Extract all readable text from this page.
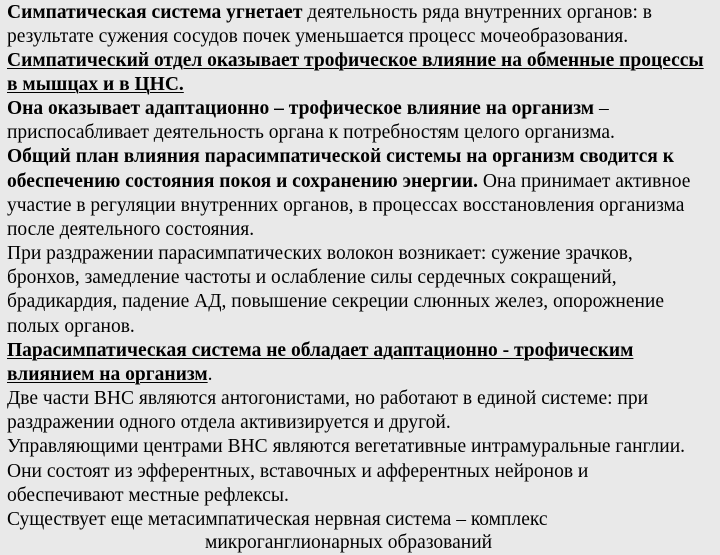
Симпатическая система угнетает деятельность ряда внутренних органов: в
результате сужения сосудов почек уменьшается процесс мочеобразования.
Симпатический отдел оказывает трофическое влияние на обменные процессы
в мышцах и в ЦНС.
Она оказывает адаптационно – трофическое влияние на организм –
приспосабливает деятельность органа к потребностям целого организма.
Общий план влияния парасимпатической системы на организм сводится к
обеспечению состояния покоя и сохранению энергии. Она принимает активное
участие в регуляции внутренних органов, в процессах восстановления организма
после деятельного состояния.
При раздражении парасимпатических волокон возникает: сужение зрачков,
бронхов, замедление частоты и ослабление силы сердечных сокращений,
брадикардия, падение АД, повышение секреции слюнных желез, опорожнение
полых органов.
Парасимпатическая система не обладает адаптационно - трофическим
влиянием на организм.
Две части ВНС являются антогонистами, но работают в единой системе: при
раздражении одного отдела активизируется и другой.
Управляющими центрами ВНС являются вегетативные интрамуральные ганглии.
Они состоят из эфферентных, вставочных и афферентных нейронов и
обеспечивают местные рефлексы.
Существует еще метасимпатическая нервная система – комплекс
микроганглионарных образований
